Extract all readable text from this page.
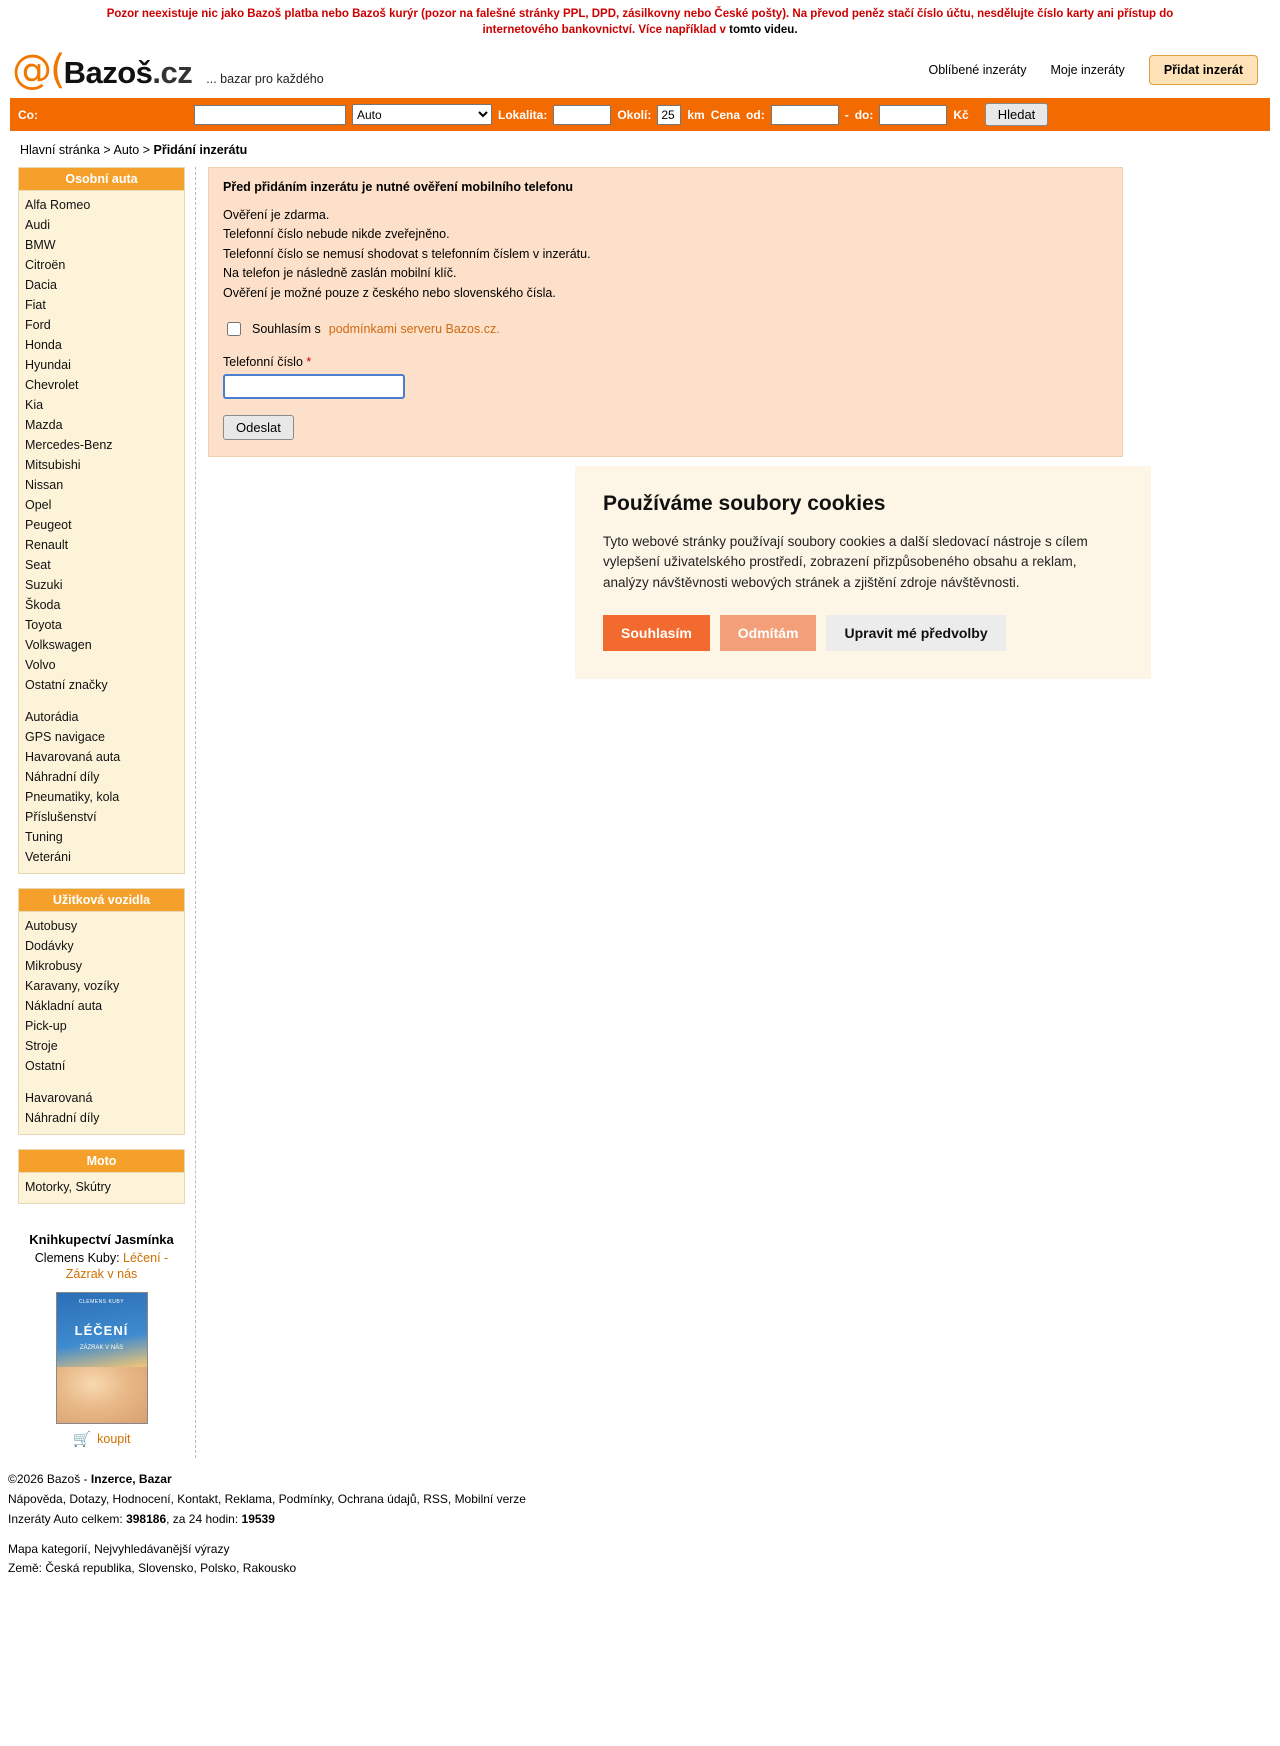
Pozor neexistuje nic jako Bazoš platba nebo Bazoš kurýr (pozor na falešné stránky PPL, DPD, zásilkovny nebo České pošty). Na převod peněz stačí číslo účtu, nesdělujte číslo karty ani přístup do internetového bankovnictví. Více například v tomto videu.
@( Bazoš.cz ... bazar pro každého
Oblíbené inzeráty Moje inzeráty	Přidat inzerát
Co:
Auto	Lokalita:	Okolí:
25	km Cena od:	- do:	Kč	Hledat
Hlavní stránka > Auto > Přidání inzerátu
Osobní auta
Alfa Romeo
Audi
BMW
Citroën
Dacia
Fiat
Ford
Honda
Hyundai
Chevrolet
Kia
Mazda
Mercedes-Benz
Mitsubishi
Nissan
Opel
Peugeot
Renault
Seat
Suzuki
Škoda
Toyota
Volkswagen
Volvo
Ostatní značky
Autorádia
GPS navigace
Havarovaná auta
Náhradní díly
Pneumatiky, kola
Příslušenství
Tuning
Veteráni
Užitková vozidla
Autobusy
Dodávky
Mikrobusy
Karavany, vozíky
Nákladní auta
Pick-up
Stroje
Ostatní
Havarovaná
Náhradní díly
Moto
Motorky, Skútry
Knihkupectví Jasmínka
Clemens Kuby: Léčení - Zázrak v nás
CLEMENS KUBY
LÉČENÍ
ZÁZRAK V NÁS
🛒 koupit
Před přidáním inzerátu je nutné ověření mobilního telefonu
Ověření je zdarma.
Telefonní číslo nebude nikde zveřejněno.
Telefonní číslo se nemusí shodovat s telefonním číslem v inzerátu.
Na telefon je následně zaslán mobilní klíč.
Ověření je možné pouze z českého nebo slovenského čísla.
Souhlasím s podmínkami serveru Bazos.cz.
Telefonní číslo *
Odeslat
Používáme soubory cookies

Tyto webové stránky používají soubory cookies a další sledovací nástroje s cílem vylepšení uživatelského prostředí, zobrazení přizpůsobeného obsahu a reklam, analýzy návštěvnosti webových stránek a zjištění zdroje návštěvnosti.

Souhlasím	Odmítám	Upravit mé předvolby
©2026 Bazoš - Inzerce, Bazar
Nápověda, Dotazy, Hodnocení, Kontakt, Reklama, Podmínky, Ochrana údajů, RSS, Mobilní verze
Inzeráty Auto celkem: 398186, za 24 hodin: 19539
Mapa kategorií, Nejvyhledávanější výrazy
Země: Česká republika, Slovensko, Polsko, Rakousko
